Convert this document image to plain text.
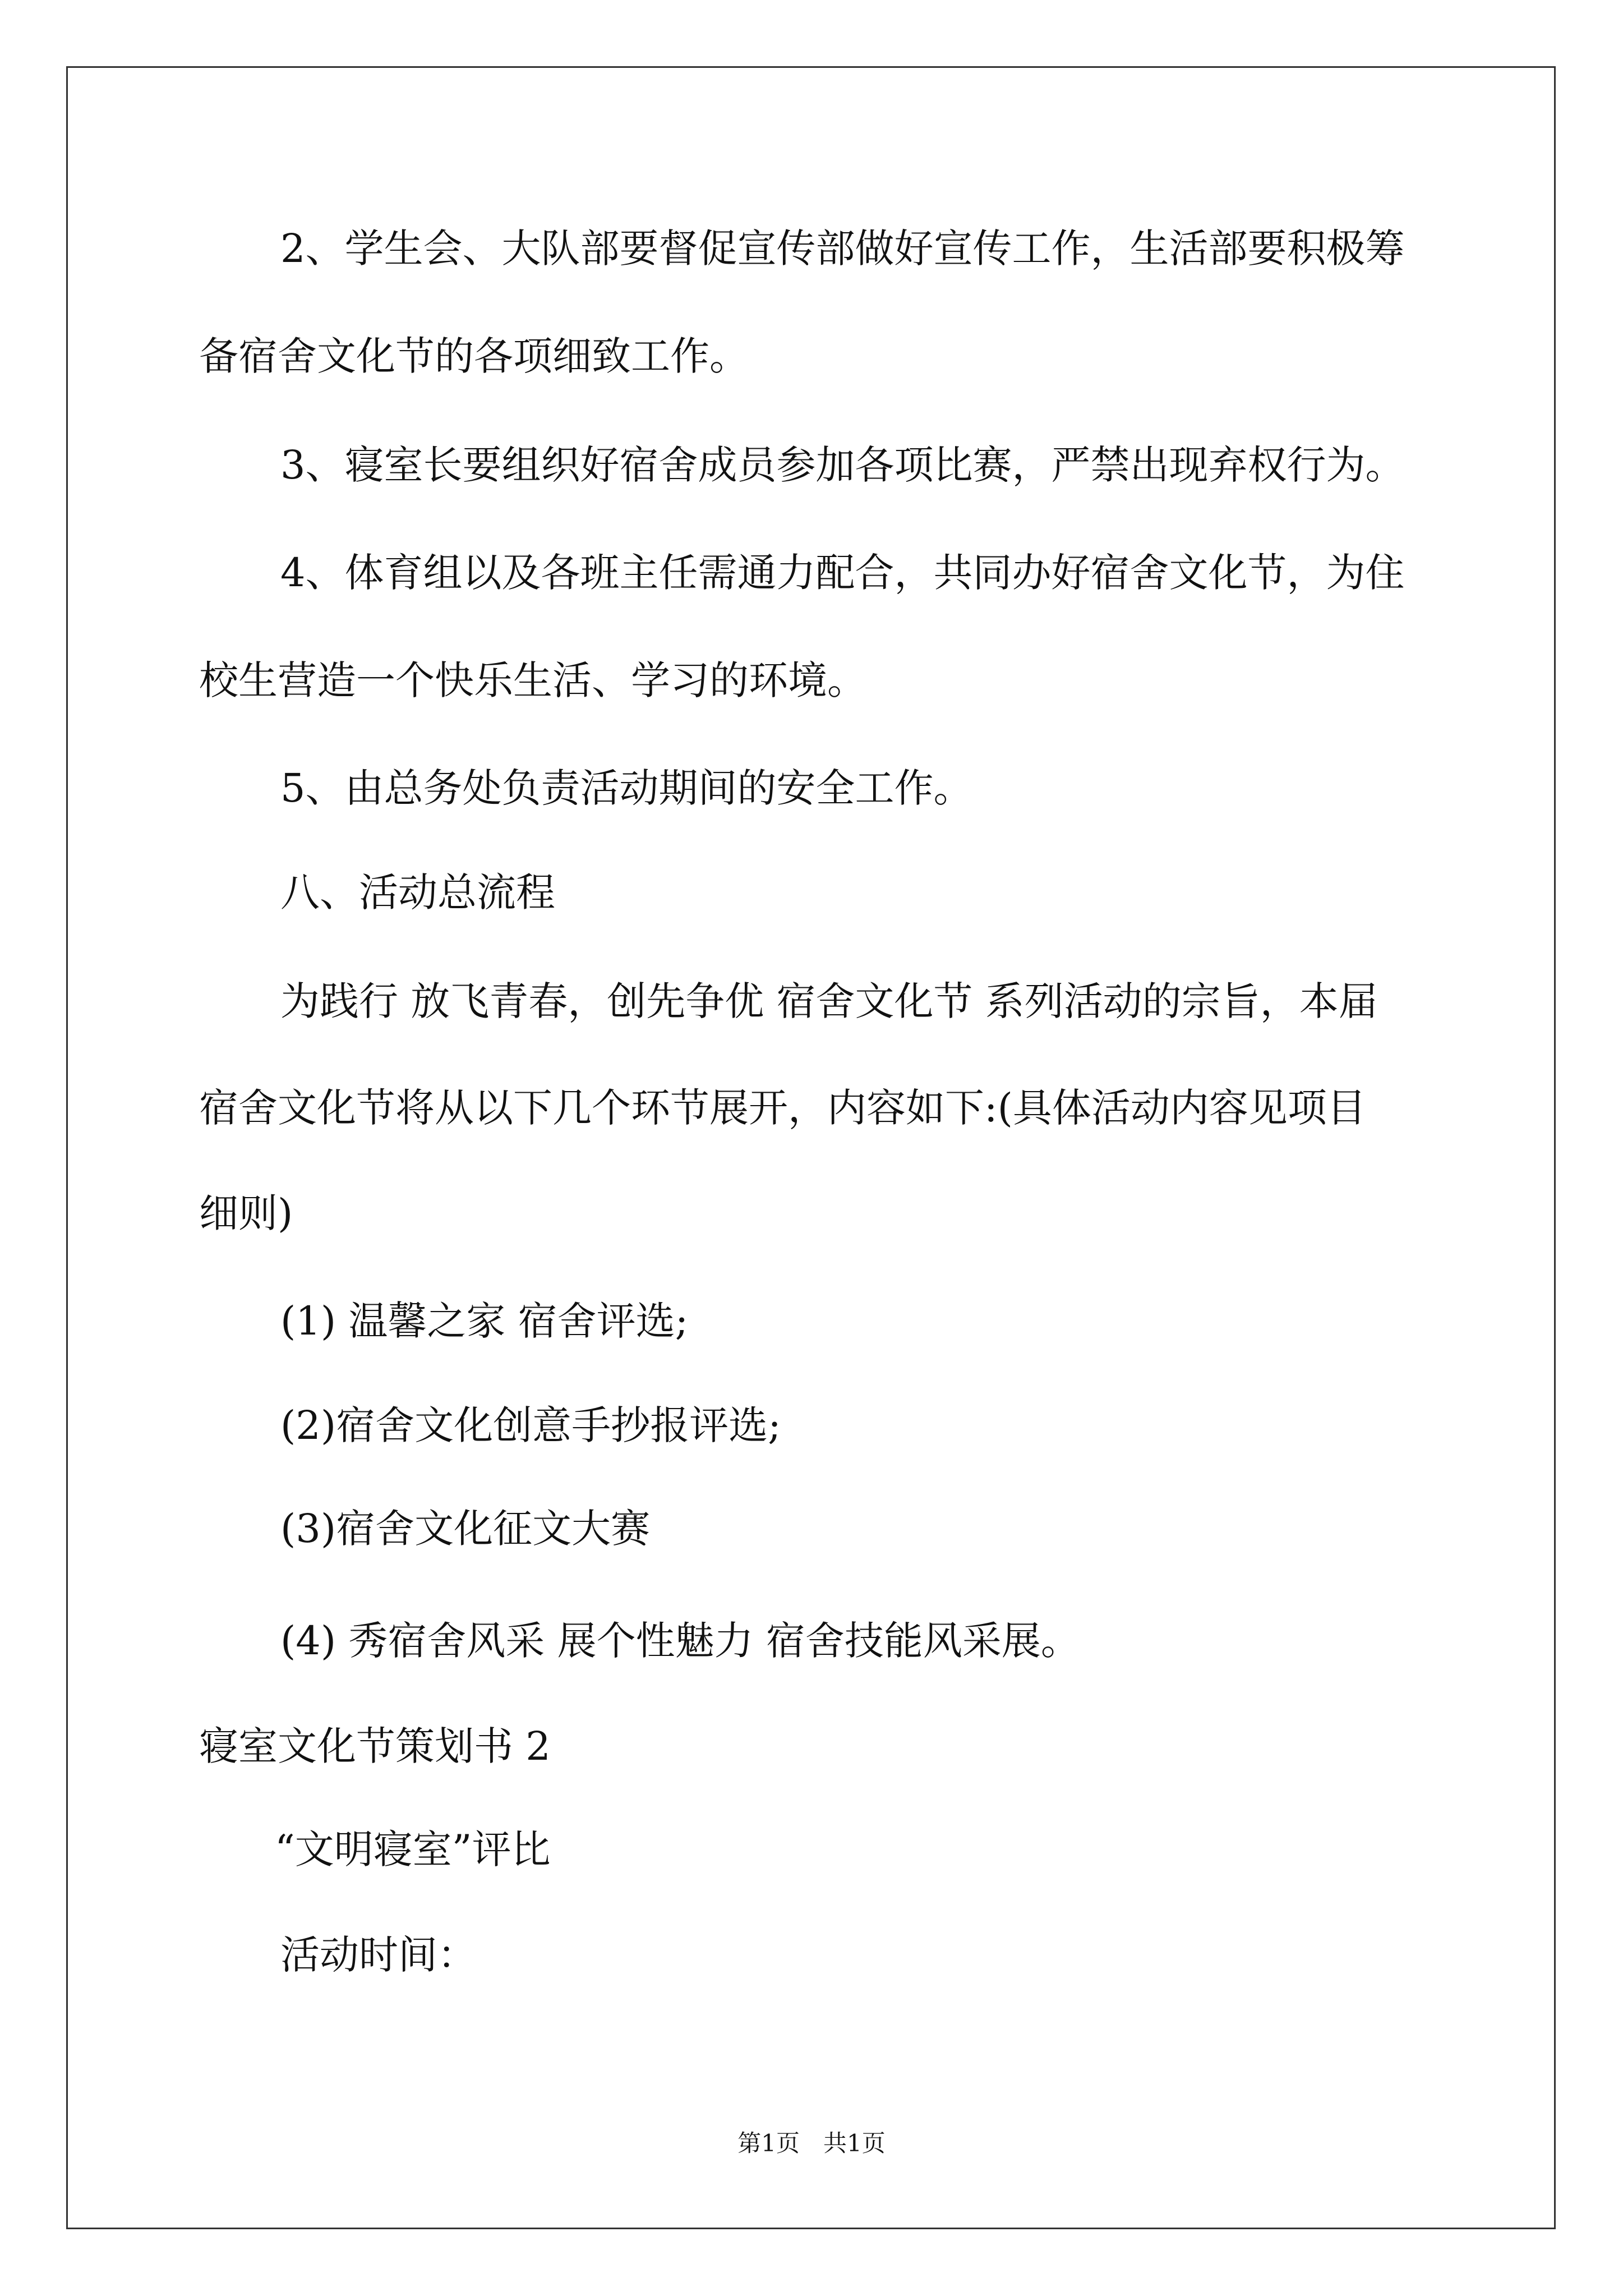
2、学生会、大队部要督促宣传部做好宣传工作，生活部要积极筹
备宿舍文化节的各项细致工作。
3、寝室长要组织好宿舍成员参加各项比赛，严禁出现弃权行为。
4、体育组以及各班主任需通力配合，共同办好宿舍文化节，为住
校生营造一个快乐生活、学习的环境。
5、由总务处负责活动期间的安全工作。
八、活动总流程
为践行 放飞青春，创先争优 宿舍文化节 系列活动的宗旨，本届
宿舍文化节将从以下几个环节展开，内容如下:(具体活动内容见项目
细则)
(1) 温馨之家 宿舍评选;
(2)宿舍文化创意手抄报评选;
(3)宿舍文化征文大赛
(4) 秀宿舍风采 展个性魅力 宿舍技能风采展。
寝室文化节策划书 2
“文明寝室”评比
活动时间：
第1页　共1页
